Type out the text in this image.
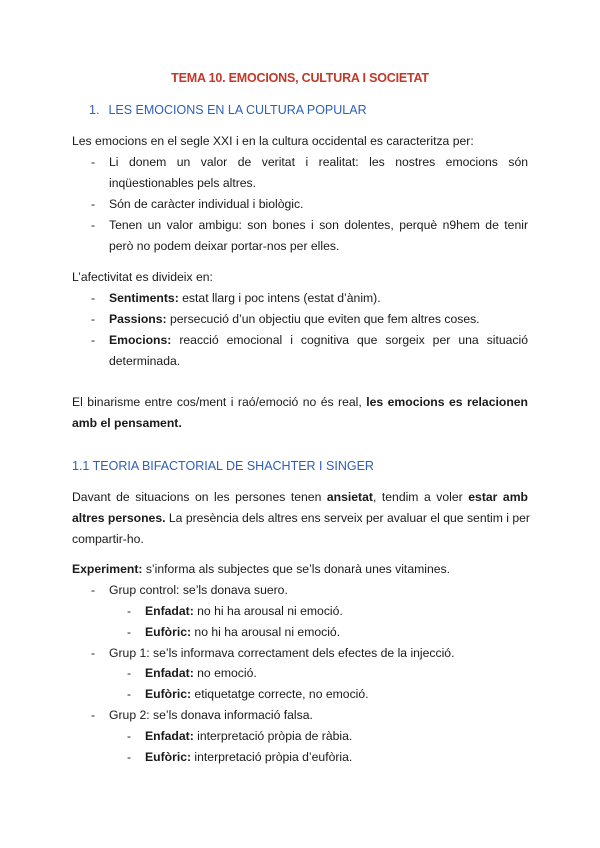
TEMA 10. EMOCIONS, CULTURA I SOCIETAT
1. LES EMOCIONS EN LA CULTURA POPULAR
Les emocions en el segle XXI i en la cultura occidental es caracteritza per:
- Li donem un valor de veritat i realitat: les nostres emocions són
inqüestionables pels altres.
- Són de caràcter individual i biològic.
- Tenen un valor ambigu: son bones i son dolentes, perquè n9hem de tenir
però no podem deixar portar-nos per elles.
L’afectivitat es divideix en:
- Sentiments: estat llarg i poc intens (estat d’ànim).
- Passions: persecució d’un objectiu que eviten que fem altres coses.
- Emocions: reacció emocional i cognitiva que sorgeix per una situació
determinada.
El binarisme entre cos/ment i raó/emoció no és real, les emocions es relacionen
amb el pensament.
1.1 TEORIA BIFACTORIAL DE SHACHTER I SINGER
Davant de situacions on les persones tenen ansietat, tendim a voler estar amb
altres persones. La presència dels altres ens serveix per avaluar el que sentim i per
compartir-ho.
Experiment: s’informa als subjectes que se’ls donarà unes vitamines.
- Grup control: se’ls donava suero.
- Enfadat: no hi ha arousal ni emoció.
- Eufòric: no hi ha arousal ni emoció.
- Grup 1: se’ls informava correctament dels efectes de la injecció.
- Enfadat: no emoció.
- Eufòric: etiquetatge correcte, no emoció.
- Grup 2: se’ls donava informació falsa.
- Enfadat: interpretació pròpia de ràbia.
- Eufòric: interpretació pròpia d’eufòria.
